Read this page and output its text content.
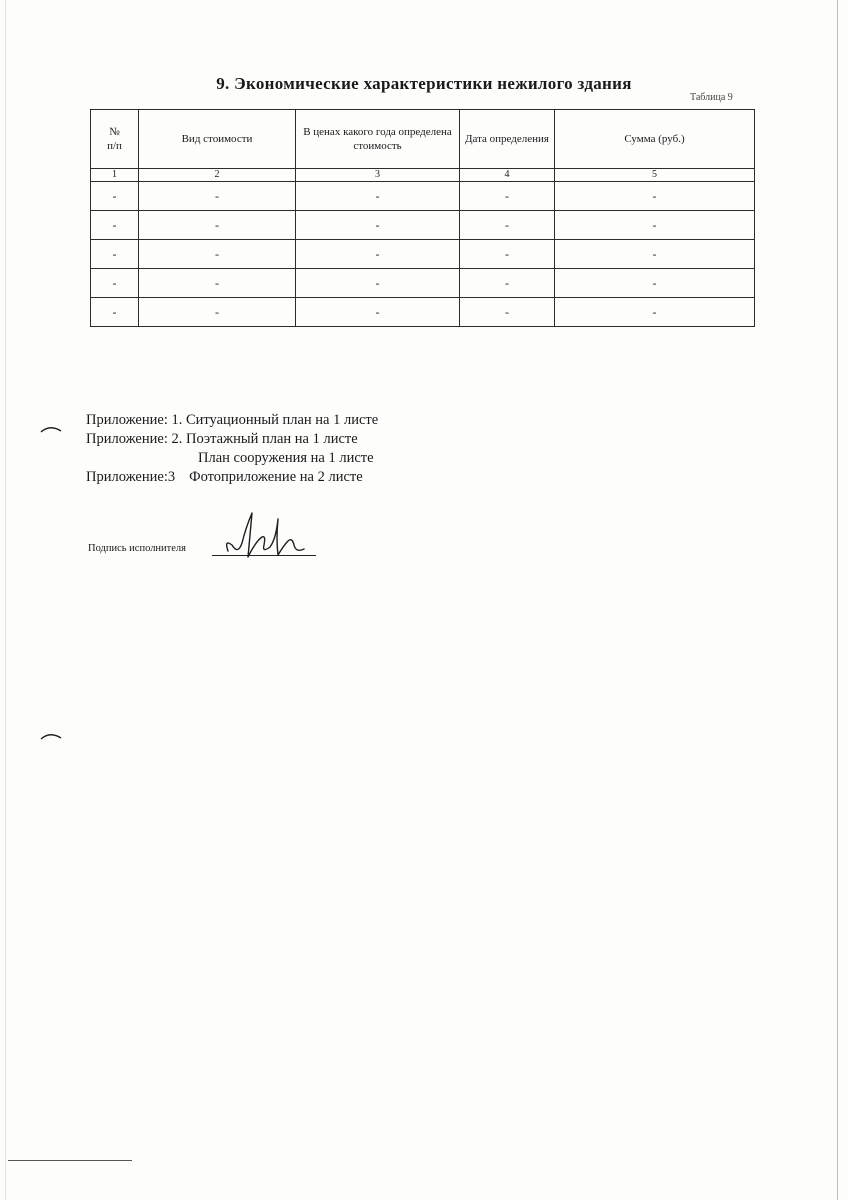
9. Экономические характеристики нежилого здания
Таблица 9
№
п/п	Вид стоимости	В ценах какого года определена стоимость	Дата определения	Сумма (руб.)
1	2	3	4	5
-	-	-	-	-
-	-	-	-	-
-	-	-	-	-
-	-	-	-	-
-	-	-	-	-
Приложение: 1. Ситуационный план на 1 листе
Приложение: 2. Поэтажный план на 1 листе
План сооружения на 1 листе
Приложение:3 Фотоприложение на 2 листе
Подпись исполнителя
